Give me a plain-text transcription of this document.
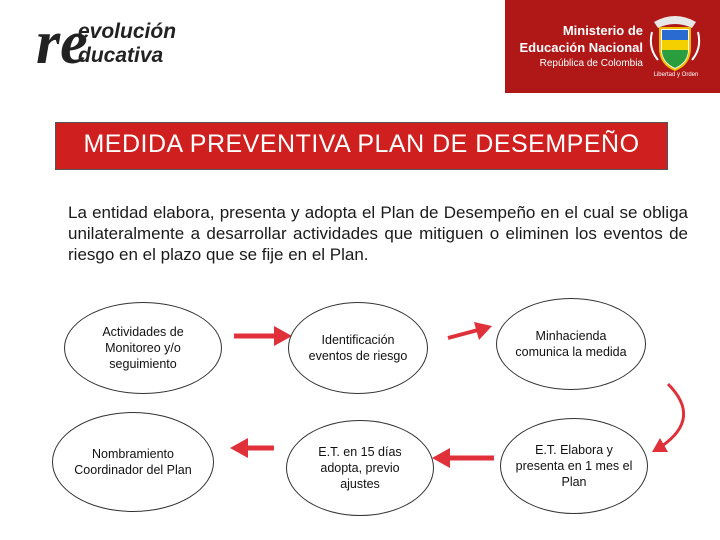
re
evolución
ducativa
Ministerio de
Educación Nacional
República de Colombia
Libertad y Orden
MEDIDA PREVENTIVA PLAN DE DESEMPEÑO
La entidad elabora, presenta y adopta el Plan de Desempeño en el cual se obliga unilateralmente a desarrollar actividades que mitiguen o eliminen los eventos de riesgo en el plazo que se fije en el Plan.
Actividades de Monitoreo y/o seguimiento
Identificación eventos de riesgo
Minhacienda comunica la medida
E.T. Elabora y presenta en 1 mes el Plan
E.T. en 15 días adopta, previo ajustes
Nombramiento Coordinador del Plan
